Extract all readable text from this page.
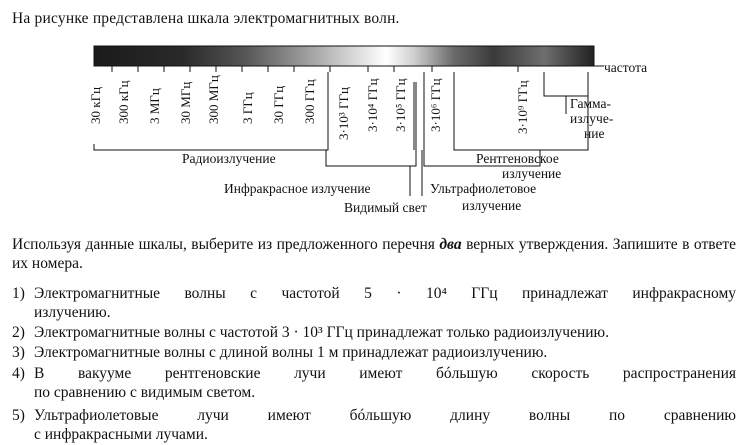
На рисунке представлена шкала электромагнитных волн.
частота
30 кГц 300 кГц 3 МГц 30 МГц 300 МГц 3 ГГц 30 ГГц 300 ГГц 3·10³ ГГц 3·10⁴ ГГц 3·10⁵ ГГц 3·10⁶ ГГц	3·10⁹ ГГц
Радиоизлучение
Инфракрасное излучение
Видимый свет
Ультрафиолетовое
излучение
Рентгеновское
излучение
Гамма-
излуче-
ние
Используя данные шкалы, выберите из предложенного перечня два верных утверждения. Запишите в ответе их номера.
1) Электромагнитные волны с частотой 5 · 10⁴ ГГц принадлежат инфракрасному
излучению.
2) Электромагнитные волны с частотой 3 · 10³ ГГц принадлежат только радиоизлучению.
3) Электромагнитные волны с длиной волны 1 м принадлежат радиоизлучению.
4) В вакууме рентгеновские лучи имеют бóльшую скорость распространения
по сравнению с видимым светом.
5) Ультрафиолетовые лучи имеют бóльшую длину волны по сравнению
с инфракрасными лучами.
